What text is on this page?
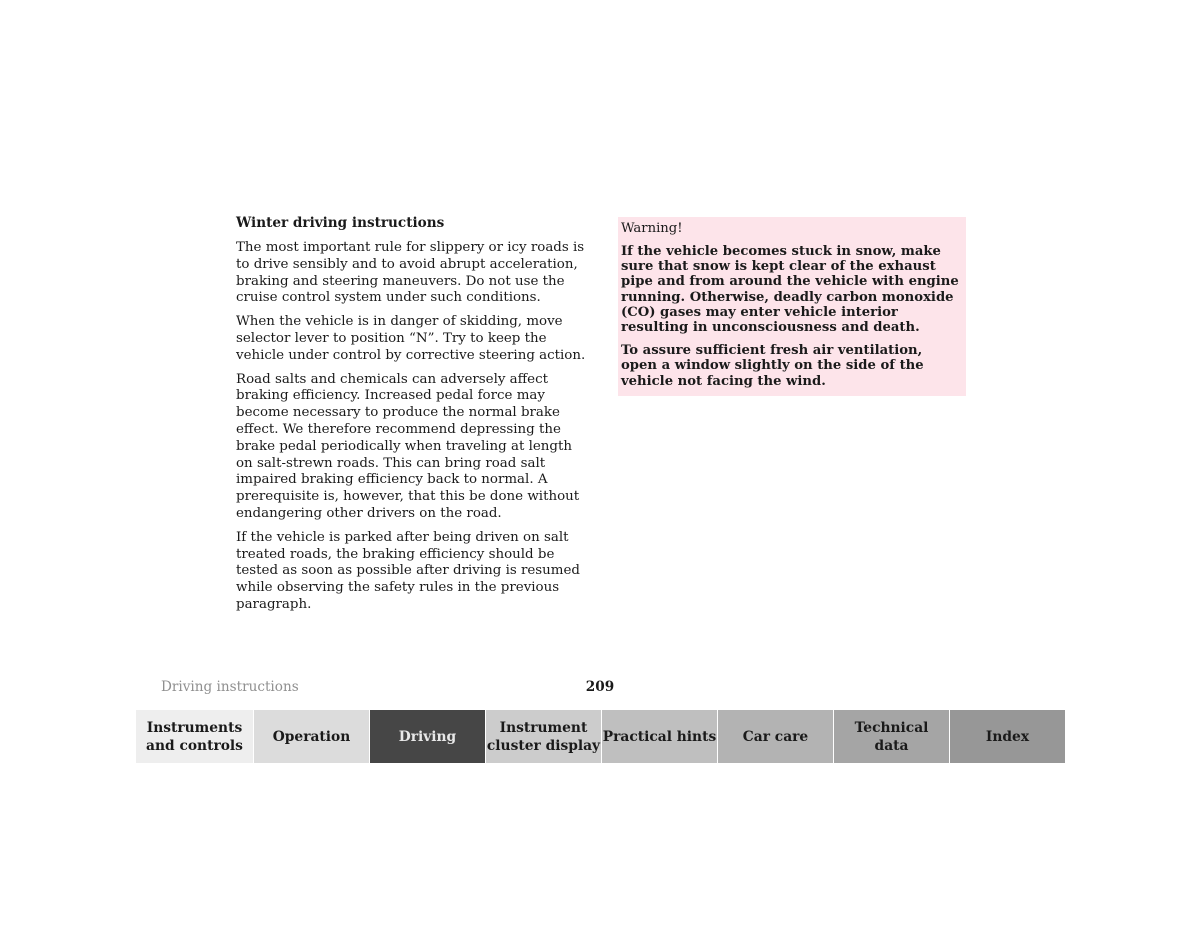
Winter driving instructions

The most important rule for slippery or icy roads is to drive sensibly and to avoid abrupt acceleration, braking and steering maneuvers. Do not use the cruise control system under such conditions.

When the vehicle is in danger of skidding, move selector lever to position “N”. Try to keep the vehicle under control by corrective steering action.

Road salts and chemicals can adversely affect braking efficiency. Increased pedal force may become necessary to produce the normal brake effect. We therefore recommend depressing the brake pedal periodically when traveling at length on salt-strewn roads. This can bring road salt impaired braking efficiency back to normal. A prerequisite is, however, that this be done without endangering other drivers on the road.

If the vehicle is parked after being driven on salt treated roads, the braking efficiency should be tested as soon as possible after driving is resumed while observing the safety rules in the previous paragraph.

Warning!

If the vehicle becomes stuck in snow, make sure that snow is kept clear of the exhaust pipe and from around the vehicle with engine running. Otherwise, deadly carbon monoxide (CO) gases may enter vehicle interior resulting in unconsciousness and death.

To assure sufficient fresh air ventilation, open a window slightly on the side of the vehicle not facing the wind.

Driving instructions	209
Instruments
and controls
Operation	Driving
Instrument
cluster display
Practical hints Car care
Technical
data
Index
